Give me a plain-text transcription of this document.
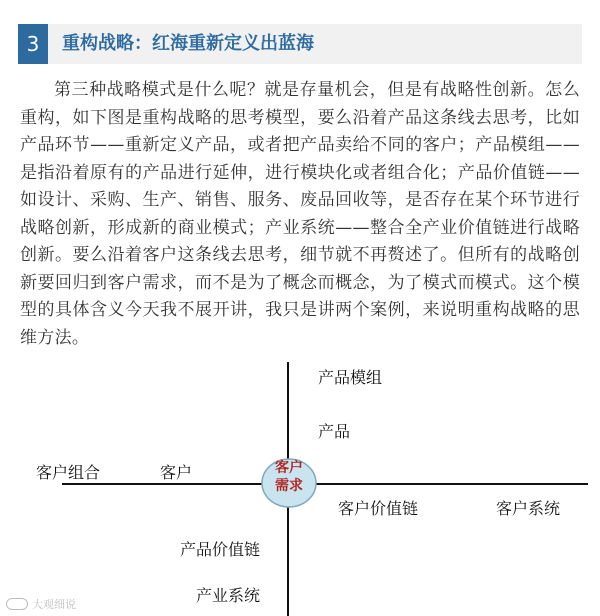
3	重构战略：红海重新定义出蓝海

第三种战略模式是什么呢？就是存量机会，但是有战略性创新。怎么重构，如下图是重构战略的思考模型，要么沿着产品这条线去思考，比如产品环节——重新定义产品，或者把产品卖给不同的客户；产品模组——是指沿着原有的产品进行延伸，进行模块化或者组合化；产品价值链——如设计、采购、生产、销售、服务、废品回收等，是否存在某个环节进行战略创新，形成新的商业模式；产业系统——整合全产业价值链进行战略创新。要么沿着客户这条线去思考，细节就不再赘述了。但所有的战略创新要回归到客户需求，而不是为了概念而概念，为了模式而模式。这个模型的具体含义今天我不展开讲，我只是讲两个案例，来说明重构战略的思维方法。

客户
需求
产品模组
产品
客户组合	客户
客户价值链	客户系统
产品价值链
产业系统
大观细说
